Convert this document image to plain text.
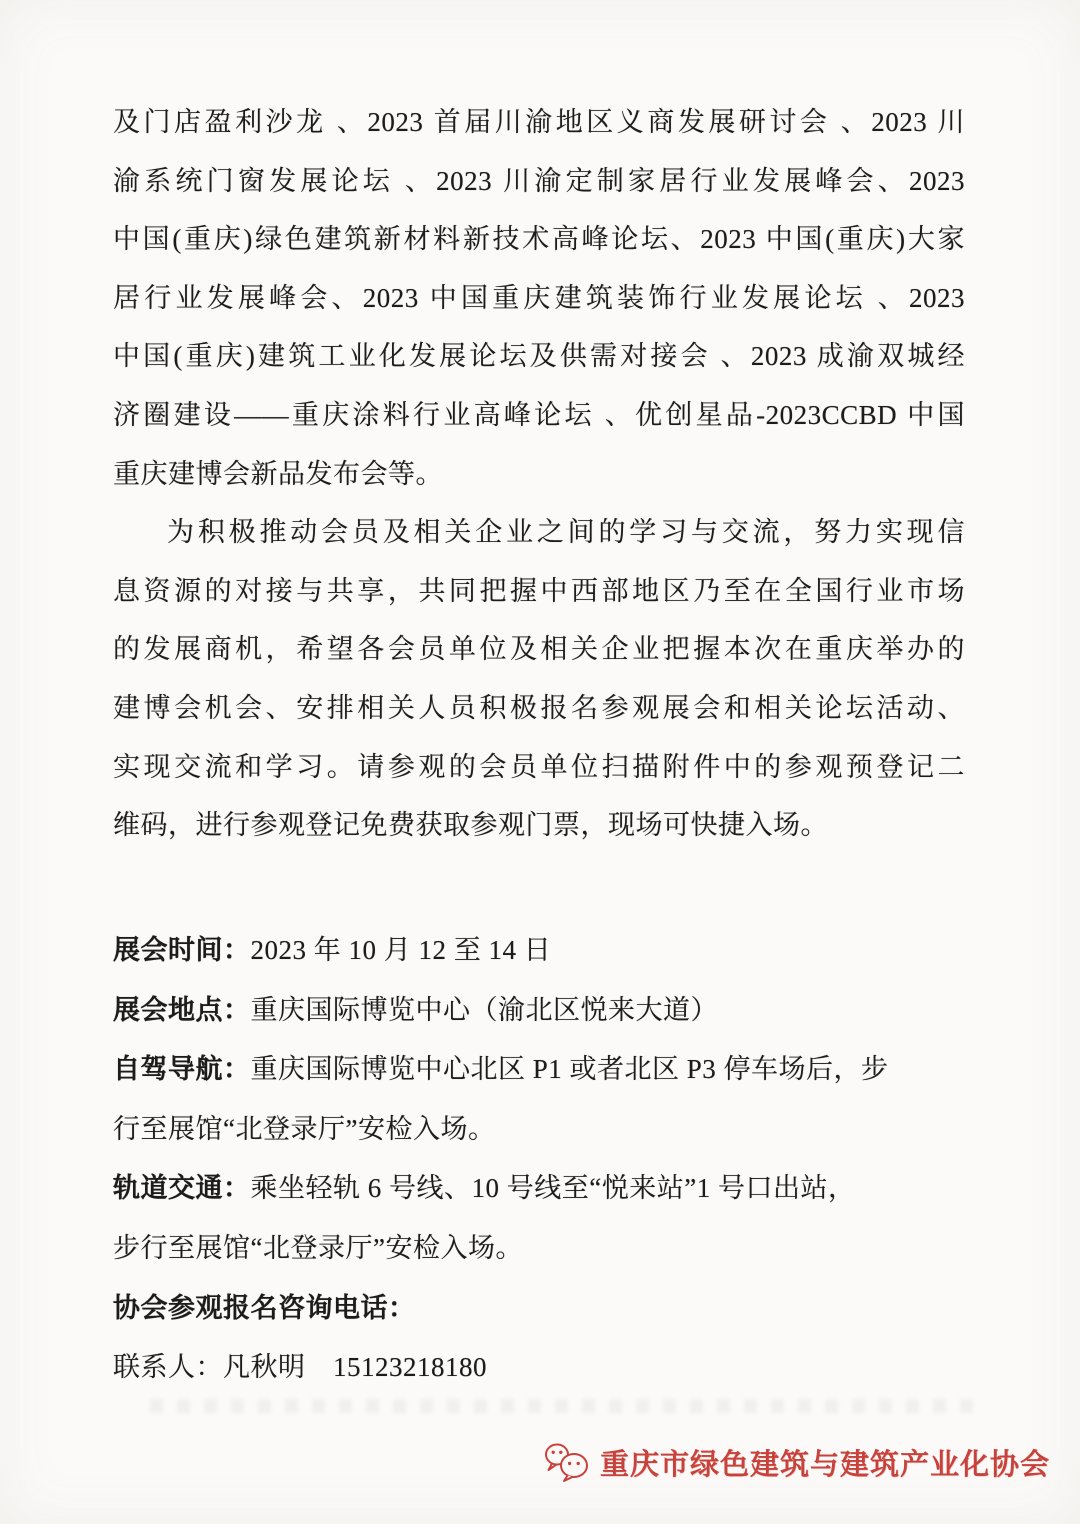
及门店盈利沙龙 、2023 首届川渝地区义商发展研讨会 、2023 川
渝系统门窗发展论坛 、2023 川渝定制家居行业发展峰会、2023
中国(重庆)绿色建筑新材料新技术高峰论坛、2023 中国(重庆)大家
居行业发展峰会、2023 中国重庆建筑装饰行业发展论坛 、2023
中国(重庆)建筑工业化发展论坛及供需对接会 、2023 成渝双城经
济圈建设——重庆涂料行业高峰论坛 、优创星品-2023CCBD 中国
重庆建博会新品发布会等。
为积极推动会员及相关企业之间的学习与交流，努力实现信
息资源的对接与共享，共同把握中西部地区乃至在全国行业市场
的发展商机，希望各会员单位及相关企业把握本次在重庆举办的
建博会机会、安排相关人员积极报名参观展会和相关论坛活动、
实现交流和学习。请参观的会员单位扫描附件中的参观预登记二
维码，进行参观登记免费获取参观门票，现场可快捷入场。
展会时间：2023 年 10 月 12 至 14 日
展会地点：重庆国际博览中心（渝北区悦来大道）
自驾导航：重庆国际博览中心北区 P1 或者北区 P3 停车场后，步
行至展馆“北登录厅”安检入场。
轨道交通：乘坐轻轨 6 号线、10 号线至“悦来站”1 号口出站，
步行至展馆“北登录厅”安检入场。
协会参观报名咨询电话：
联系人：凡秋明　15123218180
重庆市绿色建筑与建筑产业化协会
